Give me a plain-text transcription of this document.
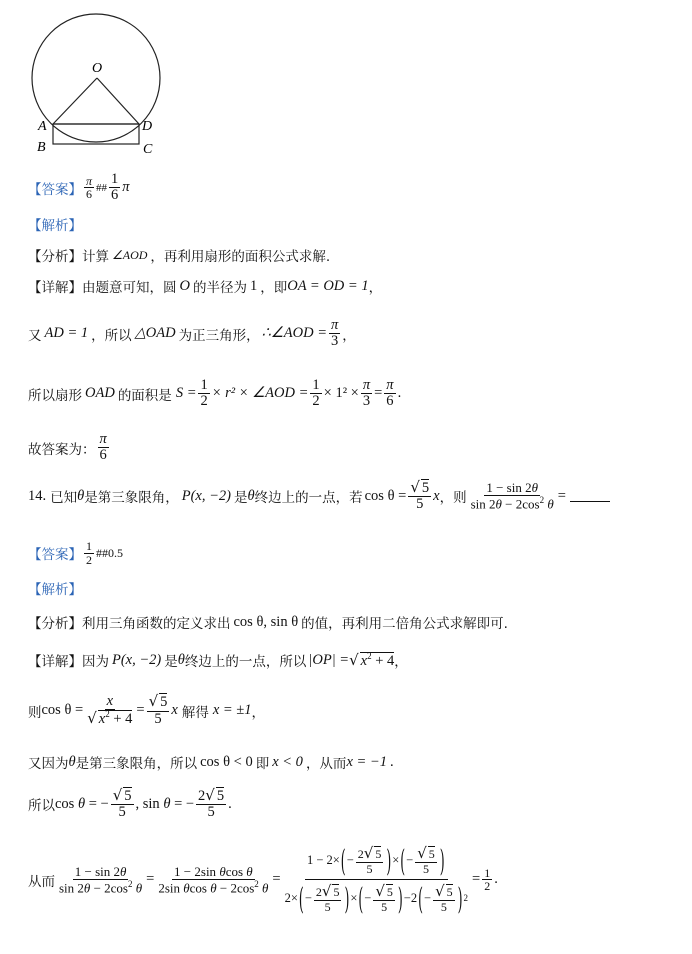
O
A	D
B	C
【答案】 $\frac{\pi}{6}$ ## $\frac{1}{6}$ π
【解析】
【分析】 计算 ∠AOD ，再利用扇形的面积公式求解.
【详解】 由题意可知，圆 O 的半径为 1 ，即 OA = OD = 1 ，
又 AD = 1 ，所以 △OAD 为正三角形， ∴∠AOD = $\frac{\pi}{3}$ ，
所以扇形 OAD 的面积是 $S = \frac{1}{2} \times r^2$ × ∠AOD = $\frac{1}{2} \times 1^2 \times \frac{\pi}{3} = \frac{\pi}{6}$ .
故答案为： $\frac{\pi}{6}$
14. 已知 θ 是第三象限角， P(x, −2) 是 θ 终边上的一点，若 $\cos \theta = \frac{√ 5}{5}$ x ，则 $\frac{1 - \sin 2\theta}{\sin 2\theta - 2\cos^2 \theta}$ =
【答案】 $\frac{1}{2}$ ##0.5
【解析】
【分析】 利用三角函数的定义求出 cos θ, sin θ 的值，再利用二倍角公式求解即可.
【详解】 因为 P(x, −2) 是 θ 终边上的一点，所以 |OP| = √ $x^2 + 4$ ，
则 $\cos \theta = \frac{x}{√ x^2 + 4} = \frac{√ 5}{5}$ x 解得 x = ±1 ，
又因为 θ 是第三象限角，所以 cos θ < 0 即 x < 0 ，从而 x = −1 .
所以 cos θ = − $\frac{√ 5}{5}$ , sin θ = − $\frac{2√ 5}{5}$ .
从而 $\frac{1 - \sin 2\theta}{\sin 2\theta - 2\cos^2 \theta} = \frac{\text{1 − 2sin θcos θ}}{2\sin \theta\cos \theta - 2\cos^2 \theta} = \frac{1 - 2\times ( - \frac{2√ 5}{5} ) \times ( - \frac{√ 5}{5} )}{2\times ( - \frac{2√ 5}{5} ) \times ( - \frac{√ 5}{5} ) -2 ( - \frac{√ 5}{5} ) 2} = \frac{1}{2}$ .
